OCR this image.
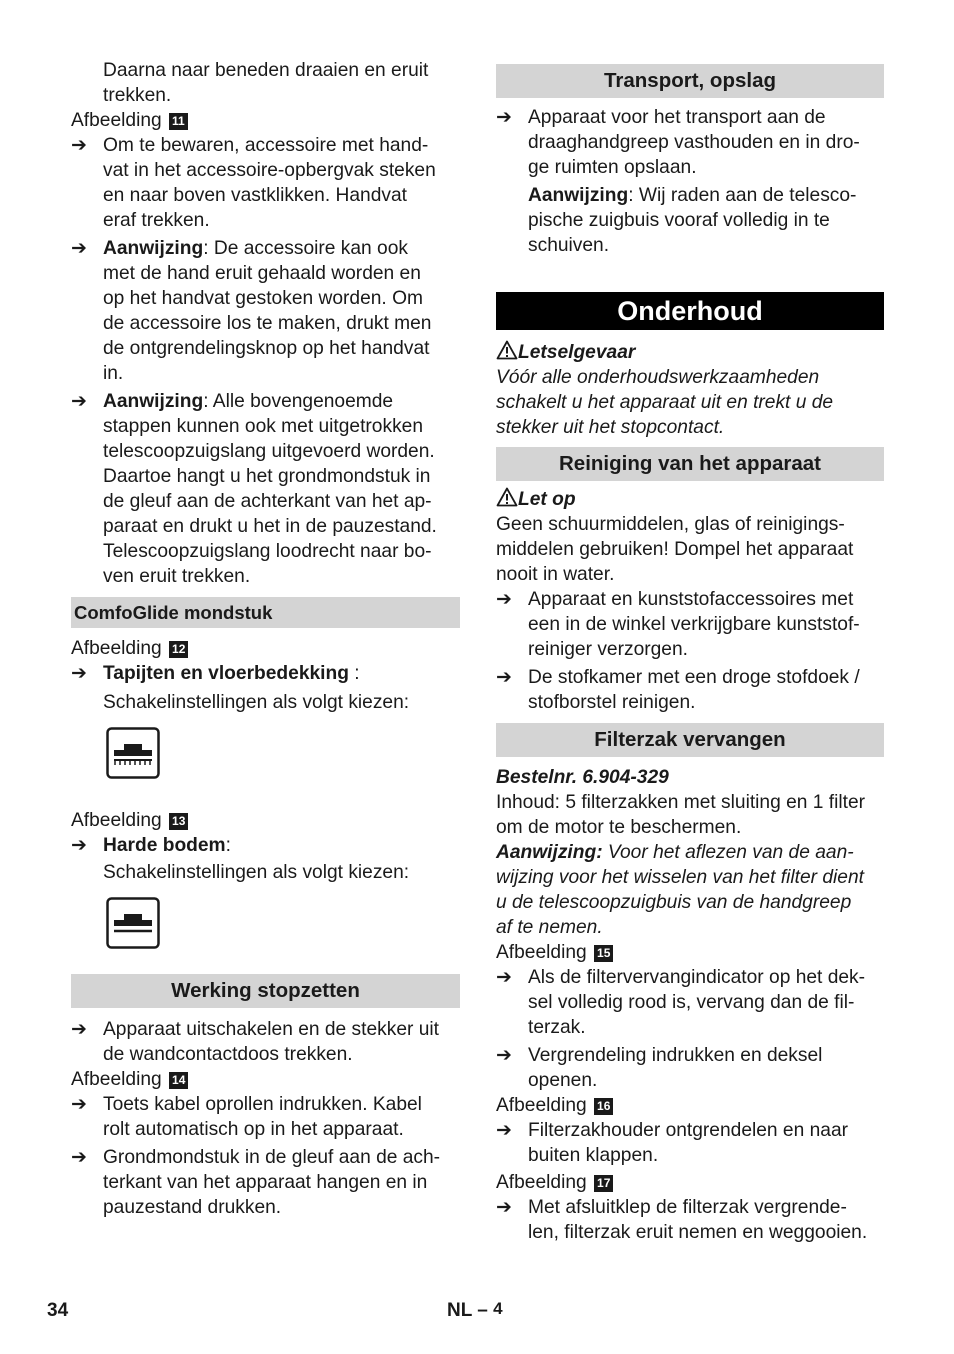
Daarna naar beneden draaien en eruit

trekken.

Afbeelding 11

➔ Om te bewaren, accessoire met hand-
vat in het accessoire-opbergvak steken
en naar boven vastklikken. Handvat
eraf trekken.
➔ Aanwijzing: De accessoire kan ook
met de hand eruit gehaald worden en
op het handvat gestoken worden. Om
de accessoire los te maken, drukt men
de ontgrendelingsknop op het handvat
in.
➔ Aanwijzing: Alle bovengenoemde
stappen kunnen ook met uitgetrokken
telescoopzuigslang uitgevoerd worden.
Daartoe hangt u het grondmondstuk in
de gleuf aan de achterkant van het ap-
paraat en drukt u het in de pauzestand.
Telescoopzuigslang loodrecht naar bo-
ven eruit trekken.
ComfoGlide mondstuk

Afbeelding 12

➔ Tapijten en vloerbedekking :

Schakelinstellingen als volgt kiezen:

Afbeelding 13

➔ Harde bodem:

Schakelinstellingen als volgt kiezen:

Werking stopzetten
➔ Apparaat uitschakelen en de stekker uit
de wandcontactdoos trekken.

Afbeelding 14

➔ Toets kabel oprollen indrukken. Kabel
rolt automatisch op in het apparaat.
➔ Grondmondstuk in de gleuf aan de ach-
terkant van het apparaat hangen en in
pauzestand drukken.
Transport, opslag
➔ Apparaat voor het transport aan de
draaghandgreep vasthouden en in dro-
ge ruimten opslaan.
Aanwijzing: Wij raden aan de telesco-
pische zuigbuis vooraf volledig in te
schuiven.
Onderhoud

Letselgevaar

Vóór alle onderhoudswerkzaamheden

schakelt u het apparaat uit en trekt u de

stekker uit het stopcontact.

Reiniging van het apparaat

Let op

Geen schuurmiddelen, glas of reinigings-

middelen gebruiken! Dompel het apparaat

nooit in water.

➔ Apparaat en kunststofaccessoires met
een in de winkel verkrijgbare kunststof-
reiniger verzorgen.
➔ De stofkamer met een droge stofdoek /
stofborstel reinigen.
Filterzak vervangen

Bestelnr. 6.904-329

Inhoud: 5 filterzakken met sluiting en 1 filter

om de motor te beschermen.

Aanwijzing: Voor het aflezen van de aan-

wijzing voor het wisselen van het filter dient

u de telescoopzuigbuis van de handgreep

af te nemen.

Afbeelding 15

➔ Als de filtervervangindicator op het dek-
sel volledig rood is, vervang dan de fil-
terzak.
➔ Vergrendeling indrukken en deksel
openen.

Afbeelding 16

➔ Filterzakhouder ontgrendelen en naar
buiten klappen.

Afbeelding 17

➔ Met afsluitklep de filterzak vergrende-
len, filterzak eruit nemen en weggooien.
34	NL – 4
